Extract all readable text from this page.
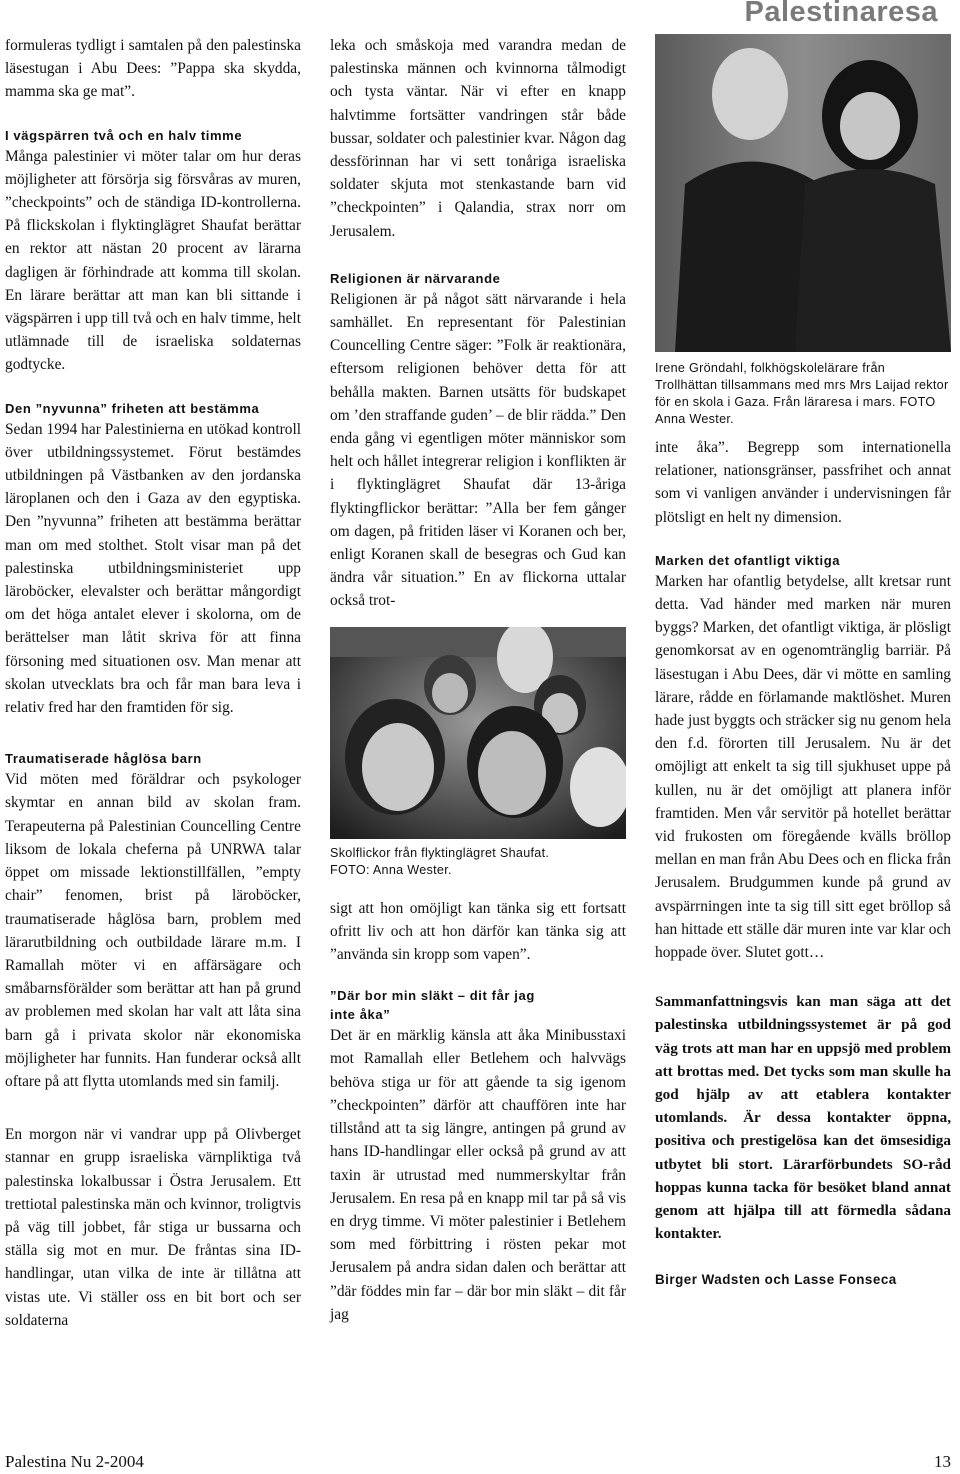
Palestinaresa

formuleras tydligt i samtalen på den palestinska läsestugan i Abu Dees: ”Pappa ska skydda, mamma ska ge mat”.

I vägspärren två och en halv timme

Många palestinier vi möter talar om hur deras möjligheter att försörja sig försvåras av muren, ”checkpoints” och de ständiga ID-kontrollerna. På flickskolan i flyktinglägret Shaufat berättar en rektor att nästan 20 procent av lärarna dagligen är förhindrade att komma till skolan. En lärare berättar att man kan bli sittande i vägspärren i upp till två och en halv timme, helt utlämnade till de israeliska soldaternas godtycke.

Den ”nyvunna” friheten att bestämma

Sedan 1994 har Palestinierna en utökad kontroll över utbildningssystemet. Förut bestämdes utbildningen på Västbanken av den jordanska läroplanen och den i Gaza av den egyptiska. Den ”nyvunna” friheten att bestämma berättar man om med stolthet. Stolt visar man på det palestinska utbildningsministeriet upp läroböcker, elevalster och berättar mångordigt om det höga antalet elever i skolorna, om de berättelser man låtit skriva för att finna försoning med situationen osv. Man menar att skolan utvecklats bra och får man bara leva i relativ fred har den framtiden för sig.

Traumatiserade håglösa barn

Vid möten med föräldrar och psykologer skymtar en annan bild av skolan fram. Terapeuterna på Palestinian Councelling Centre liksom de lokala cheferna på UNRWA talar öppet om missade lektionstillfällen, ”empty chair” fenomen, brist på läroböcker, traumatiserade håglösa barn, problem med lärarutbildning och outbildade lärare m.m. I Ramallah möter vi en affärsägare och småbarnsförälder som berättar att han på grund av problemen med skolan har valt att låta sina barn gå i privata skolor när ekonomiska möjligheter har funnits. Han funderar också allt oftare på att flytta utomlands med sin familj.

En morgon när vi vandrar upp på Olivberget stannar en grupp israeliska värnpliktiga två palestinska lokalbussar i Östra Jerusalem. Ett trettiotal palestinska män och kvinnor, troligtvis på väg till jobbet, får stiga ur bussarna och ställa sig mot en mur. De fråntas sina ID-handlingar, utan vilka de inte är tillåtna att vistas ute. Vi ställer oss en bit bort och ser soldaterna

leka och småskoja med varandra medan de palestinska männen och kvinnorna tålmodigt och tysta väntar. När vi efter en knapp halvtimme fortsätter vandringen står både bussar, soldater och palestinier kvar. Någon dag dessförinnan har vi sett tonåriga israeliska soldater skjuta mot stenkastande barn vid ”checkpointen” i Qalandia, strax norr om Jerusalem.

Religionen är närvarande

Religionen är på något sätt närvarande i hela samhället. En representant för Palestinian Councelling Centre säger: ”Folk är reaktionära, eftersom religionen behöver detta för att behålla makten. Barnen utsätts för budskapet om ’den straffande guden’ – de blir rädda.” Den enda gång vi egentligen möter människor som helt och hållet integrerar religion i konflikten är i flyktinglägret Shaufat där 13-åriga flyktingflickor berättar: ”Alla ber fem gånger om dagen, på fritiden läser vi Koranen och ber, enligt Koranen skall de besegras och Gud kan ändra vår situation.” En av flickorna uttalar också trot-

Skolflickor från flyktinglägret Shaufat.

FOTO: Anna Wester.

sigt att hon omöjligt kan tänka sig ett fortsatt ofritt liv och att hon därför kan tänka sig att ”använda sin kropp som vapen”.

”Där bor min släkt – dit får jag
inte åka”

Det är en märklig känsla att åka Minibusstaxi mot Ramallah eller Betlehem och halvvägs behöva stiga ur för att gående ta sig igenom ”checkpointen” därför att chauffören inte har tillstånd att ta sig längre, antingen på grund av hans ID-handlingar eller också på grund av att taxin är utrustad med nummerskyltar från Jerusalem. En resa på en knapp mil tar på så vis en dryg timme. Vi möter palestinier i Betlehem som med förbittring i rösten pekar mot Jerusalem på andra sidan dalen och berättar att ”där föddes min far – där bor min släkt – dit får jag

Irene Gröndahl, folkhögskolelärare från Trollhättan tillsammans med mrs Mrs Laijad rektor för en skola i Gaza. Från läraresa i mars. FOTO Anna Wester.

inte åka”. Begrepp som internationella relationer, nationsgränser, passfrihet och annat som vi vanligen använder i undervisningen får plötsligt en helt ny dimension.

Marken det ofantligt viktiga

Marken har ofantlig betydelse, allt kretsar runt detta. Vad händer med marken när muren byggs? Marken, det ofantligt viktiga, är plösligt genomkorsat av en ogenomtränglig barriär. På läsestugan i Abu Dees, där vi mötte en samling lärare, rådde en förlamande maktlöshet. Muren hade just byggts och sträcker sig nu genom hela den f.d. förorten till Jerusalem. Nu är det omöjligt att enkelt ta sig till sjukhuset uppe på kullen, nu är det omöjligt att planera inför framtiden. Men vår servitör på hotellet berättar vid frukosten om föregående kvälls bröllop mellan en man från Abu Dees och en flicka från Jerusalem. Brudgummen kunde på grund av avspärrningen inte ta sig till sitt eget bröllop så han hittade ett ställe där muren inte var klar och hoppade över. Slutet gott…

Sammanfattningsvis kan man säga att det palestinska utbildningssystemet är på god väg trots att man har en uppsjö med problem att brottas med. Det tycks som man skulle ha god hjälp av att etablera kontakter utomlands. Är dessa kontakter öppna, positiva och prestigelösa kan det ömsesidiga utbytet bli stort. Lärarförbundets SO-råd hoppas kunna tacka för besöket bland annat genom att hjälpa till att förmedla sådana kontakter.

Birger Wadsten och Lasse Fonseca

Palestina Nu 2-2004	13
